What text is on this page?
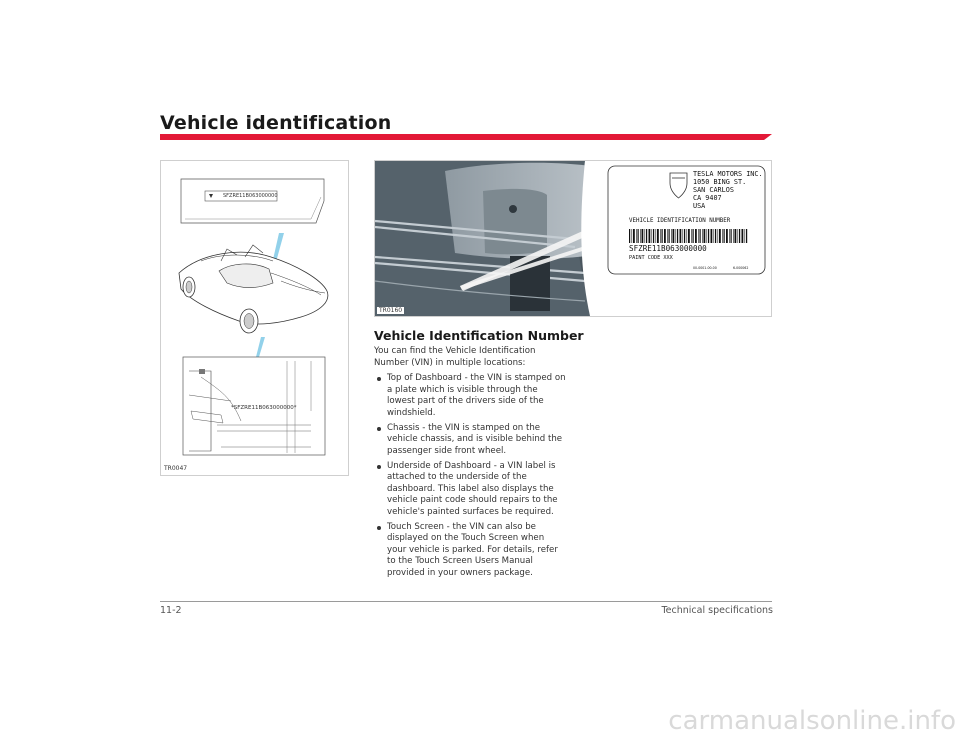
Vehicle identification
SFZRE11B063000000
*SFZRE11B063000000*
TR0047
TESLA MOTORS INC.
1050 BING ST.
SAN CARLOS
CA 9407
USA
VEHICLE IDENTIFICATION NUMBER
SFZRE11B063000000
PAINT CODE XXX
00-0001-00-00	6-000062
TR0160
Vehicle Identification Number
You can find the Vehicle Identification Number (VIN) in multiple locations:
Top of Dashboard - the VIN is stamped on a plate which is visible through the lowest part of the drivers side of the windshield.
Chassis - the VIN is stamped on the vehicle chassis, and is visible behind the passenger side front wheel.
Underside of Dashboard - a VIN label is attached to the underside of the dashboard. This label also displays the vehicle paint code should repairs to the vehicle's painted surfaces be required.
Touch Screen - the VIN can also be displayed on the Touch Screen when your vehicle is parked. For details, refer to the Touch Screen Users Manual provided in your owners package.
11-2	Technical specifications
carmanualsonline.info
